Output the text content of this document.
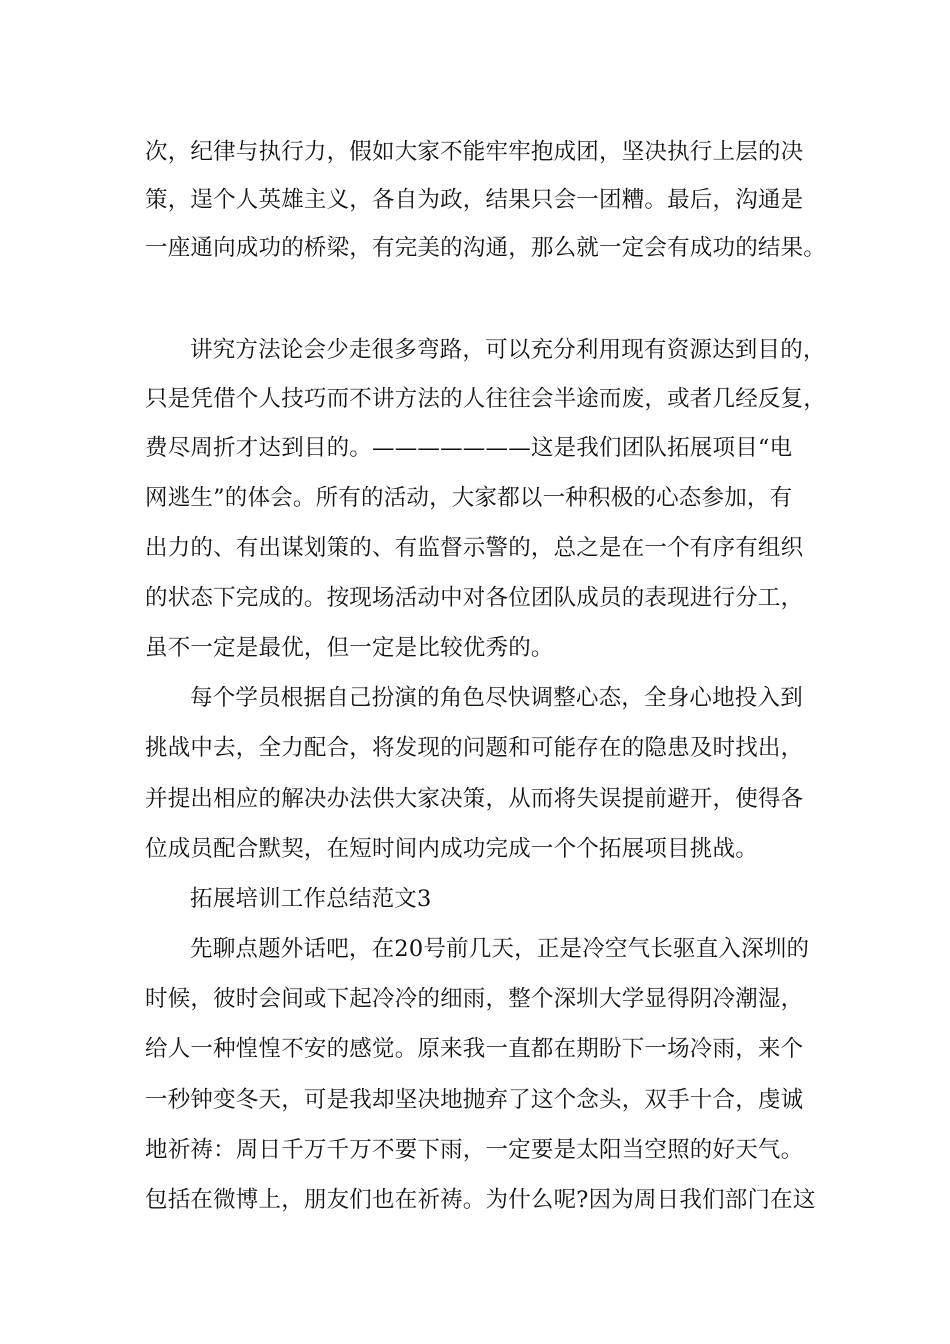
次，纪律与执行力，假如大家不能牢牢抱成团，坚决执行上层的决
策，逞个人英雄主义，各自为政，结果只会一团糟。最后，沟通是
一座通向成功的桥梁，有完美的沟通，那么就一定会有成功的结果。
讲究方法论会少走很多弯路，可以充分利用现有资源达到目的，
只是凭借个人技巧而不讲方法的人往往会半途而废，或者几经反复，
费尽周折才达到目的。———————这是我们团队拓展项目“电
网逃生”的体会。所有的活动，大家都以一种积极的心态参加，有
出力的、有出谋划策的、有监督示警的，总之是在一个有序有组织
的状态下完成的。按现场活动中对各位团队成员的表现进行分工，
虽不一定是最优，但一定是比较优秀的。
每个学员根据自己扮演的角色尽快调整心态，全身心地投入到
挑战中去，全力配合，将发现的问题和可能存在的隐患及时找出，
并提出相应的解决办法供大家决策，从而将失误提前避开，使得各
位成员配合默契，在短时间内成功完成一个个拓展项目挑战。
拓展培训工作总结范文3
先聊点题外话吧，在20号前几天，正是冷空气长驱直入深圳的
时候，彼时会间或下起冷冷的细雨，整个深圳大学显得阴冷潮湿，
给人一种惶惶不安的感觉。原来我一直都在期盼下一场冷雨，来个
一秒钟变冬天，可是我却坚决地抛弃了这个念头，双手十合，虔诚
地祈祷：周日千万千万不要下雨，一定要是太阳当空照的好天气。
包括在微博上，朋友们也在祈祷。为什么呢?因为周日我们部门在这
